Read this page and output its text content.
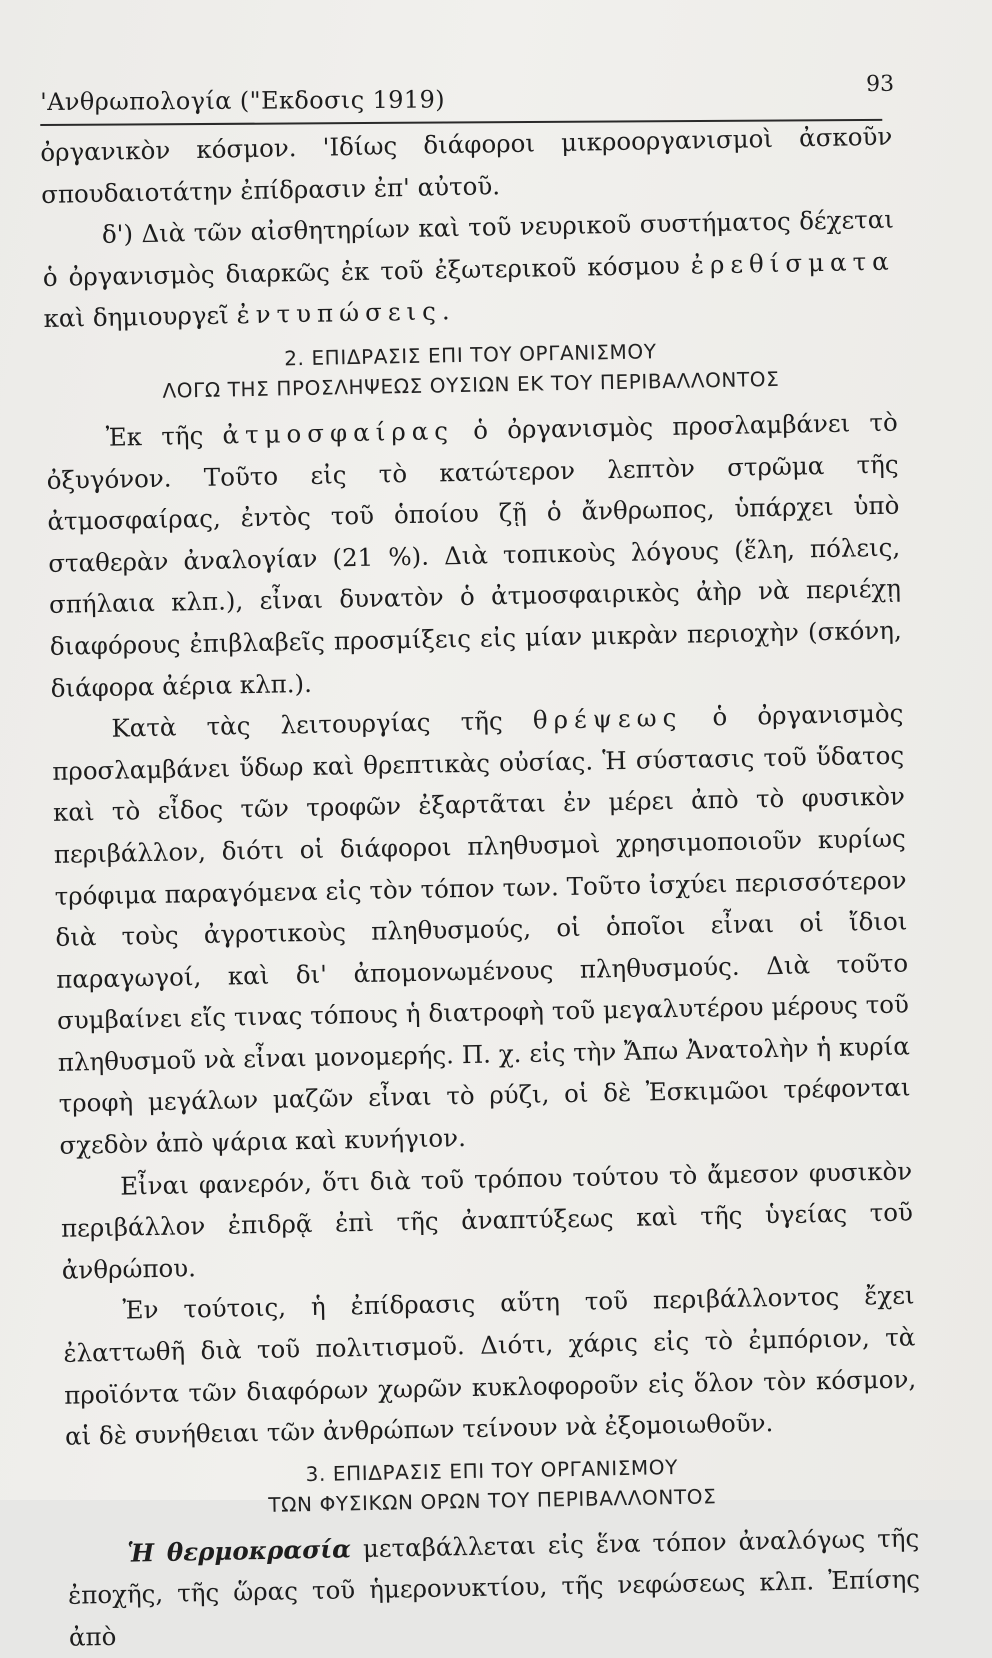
'Ανθρωπολογία ("Εκδοσις 1919)
93

ὀργανικὸν κόσμον. 'Ιδίως διάφοροι μικροοργανισμοὶ ἀσκοῦν σπουδαιοτάτην ἐπίδρασιν ἐπ' αὐτοῦ.

δ') Διὰ τῶν αἰσθητηρίων καὶ τοῦ νευρικοῦ συστήματος δέχεται ὁ ὀργανισμὸς διαρκῶς ἐκ τοῦ ἐξωτερικοῦ κόσμου ἐρεθίσματα καὶ δημιουργεῖ ἐντυπώσεις.

2. ΕΠΙΔΡΑΣΙΣ ΕΠΙ ΤΟΥ ΟΡΓΑΝΙΣΜΟΥ
ΛΟΓΩ ΤΗΣ ΠΡΟΣΛΗΨΕΩΣ ΟΥΣΙΩΝ ΕΚ ΤΟΥ ΠΕΡΙΒΑΛΛΟΝΤΟΣ

Ἐκ τῆς ἀτμοσφαίρας ὁ ὀργανισμὸς προσλαμβάνει τὸ ὀξυγόνον. Τοῦτο εἰς τὸ κατώτερον λεπτὸν στρῶμα τῆς ἀτμοσφαίρας, ἐντὸς τοῦ ὁποίου ζῇ ὁ ἄνθρωπος, ὑπάρχει ὑπὸ σταθερὰν ἀναλογίαν (21 %). Διὰ τοπικοὺς λόγους (ἕλη, πόλεις, σπήλαια κλπ.), εἶναι δυνατὸν ὁ ἀτμοσφαιρικὸς ἀὴρ νὰ περιέχῃ διαφόρους ἐπιβλαβεῖς προσμίξεις εἰς μίαν μικρὰν περιοχὴν (σκόνη, διάφορα ἀέρια κλπ.).

Κατὰ τὰς λειτουργίας τῆς θρέψεως ὁ ὀργανισμὸς προσλαμβάνει ὕδωρ καὶ θρεπτικὰς οὐσίας. Ἡ σύστασις τοῦ ὕδατος καὶ τὸ εἶδος τῶν τροφῶν ἐξαρτᾶται ἐν μέρει ἀπὸ τὸ φυσικὸν περιβάλλον, διότι οἱ διάφοροι πληθυσμοὶ χρησιμοποιοῦν κυρίως τρόφιμα παραγόμενα εἰς τὸν τόπον των. Τοῦτο ἰσχύει περισσότερον διὰ τοὺς ἀγροτικοὺς πληθυσμούς, οἱ ὁποῖοι εἶναι οἱ ἴδιοι παραγωγοί, καὶ δι' ἀπομονωμένους πληθυσμούς. Διὰ τοῦτο συμβαίνει εἴς τινας τόπους ἡ διατροφὴ τοῦ μεγαλυτέρου μέρους τοῦ πληθυσμοῦ νὰ εἶναι μονομερής. Π. χ. εἰς τὴν Ἄπω Ἀνατολὴν ἡ κυρία τροφὴ μεγάλων μαζῶν εἶναι τὸ ρύζι, οἱ δὲ Ἐσκιμῶοι τρέφονται σχεδὸν ἀπὸ ψάρια καὶ κυνήγιον.

Εἶναι φανερόν, ὅτι διὰ τοῦ τρόπου τούτου τὸ ἄμεσον φυσικὸν περιβάλλον ἐπιδρᾷ ἐπὶ τῆς ἀναπτύξεως καὶ τῆς ὑγείας τοῦ ἀνθρώπου.

Ἐν τούτοις, ἡ ἐπίδρασις αὕτη τοῦ περιβάλλοντος ἔχει ἐλαττωθῆ διὰ τοῦ πολιτισμοῦ. Διότι, χάρις εἰς τὸ ἐμπόριον, τὰ προϊόντα τῶν διαφόρων χωρῶν κυκλοφοροῦν εἰς ὅλον τὸν κόσμον, αἱ δὲ συνήθειαι τῶν ἀνθρώπων τείνουν νὰ ἐξομοιωθοῦν.

3. ΕΠΙΔΡΑΣΙΣ ΕΠΙ ΤΟΥ ΟΡΓΑΝΙΣΜΟΥ
ΤΩΝ ΦΥΣΙΚΩΝ ΟΡΩΝ ΤΟΥ ΠΕΡΙΒΑΛΛΟΝΤΟΣ

Ἡ θερμοκρασία μεταβάλλεται εἰς ἕνα τόπον ἀναλόγως τῆς ἐποχῆς, τῆς ὥρας τοῦ ἡμερονυκτίου, τῆς νεφώσεως κλπ. Ἐπίσης ἀπὸ
